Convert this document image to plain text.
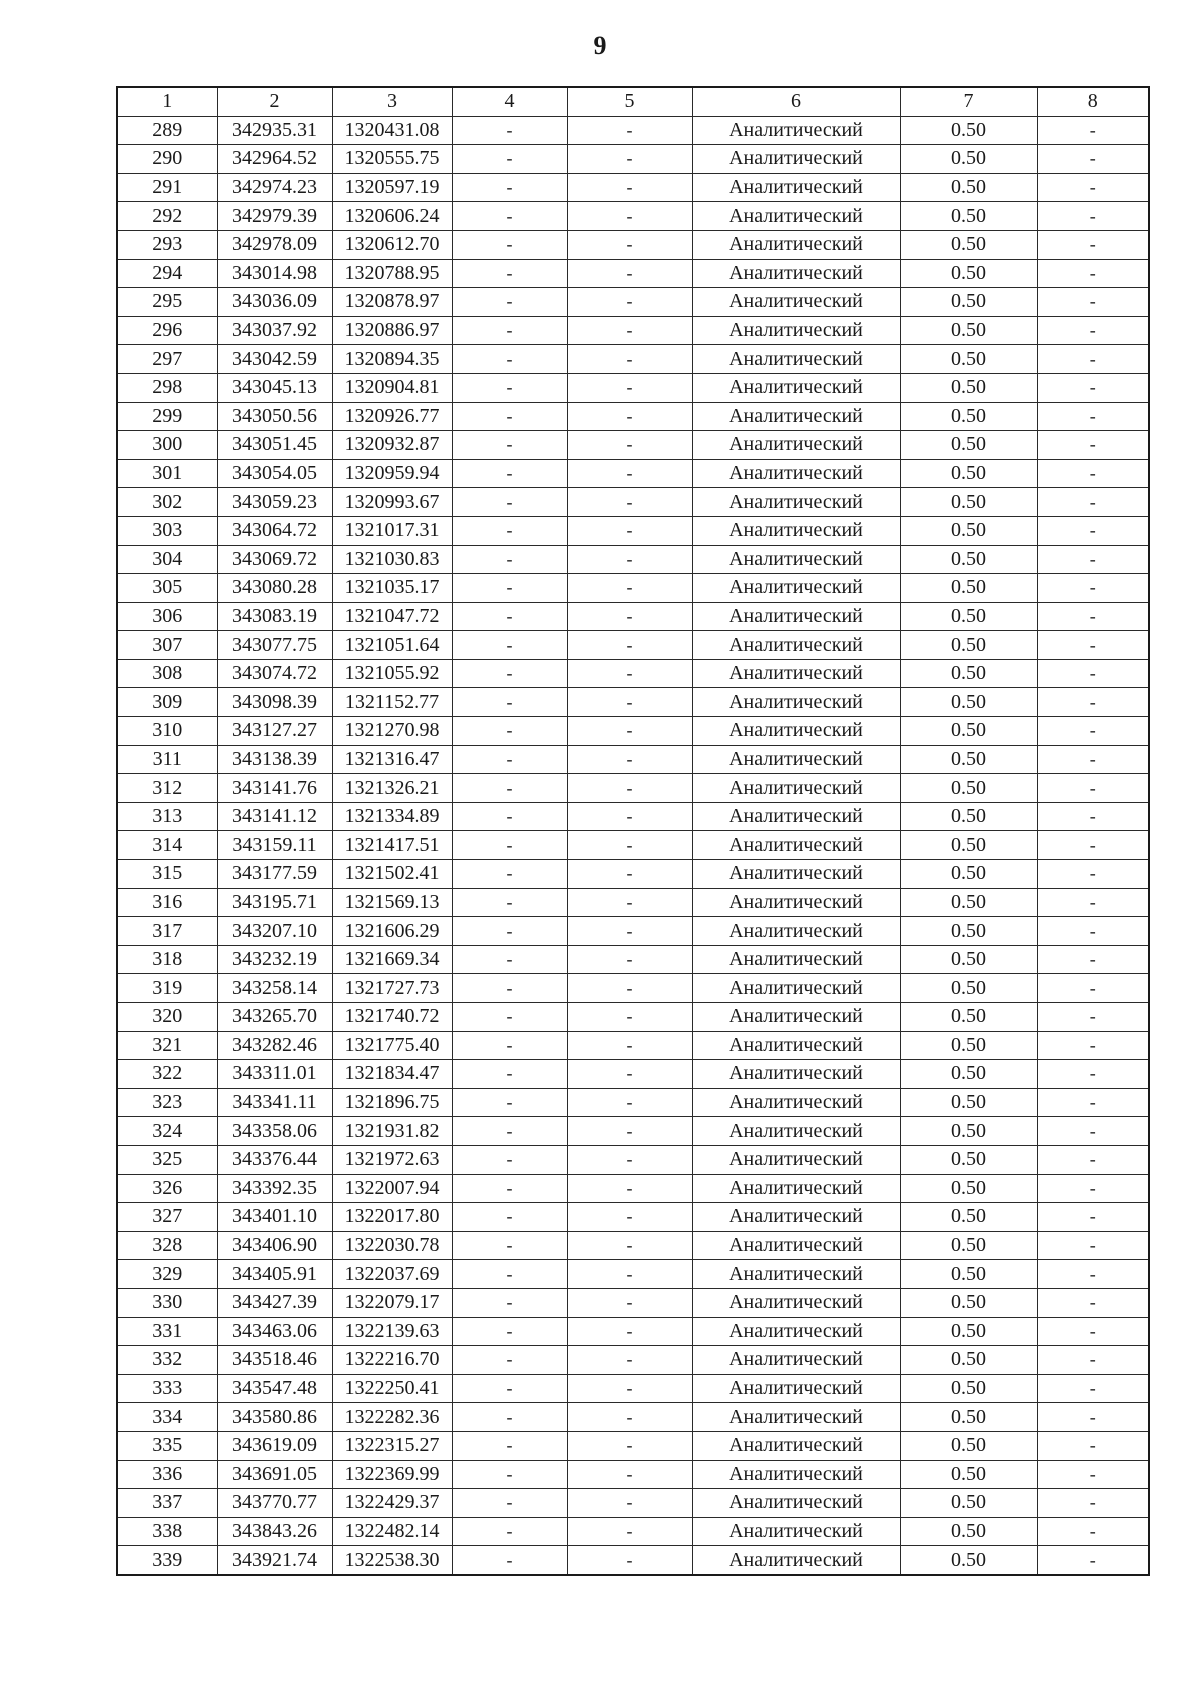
9
1	2	3	4	5	6	7	8
289	342935.31	1320431.08	-	-	Аналитический	0.50	-
290	342964.52	1320555.75	-	-	Аналитический	0.50	-
291	342974.23	1320597.19	-	-	Аналитический	0.50	-
292	342979.39	1320606.24	-	-	Аналитический	0.50	-
293	342978.09	1320612.70	-	-	Аналитический	0.50	-
294	343014.98	1320788.95	-	-	Аналитический	0.50	-
295	343036.09	1320878.97	-	-	Аналитический	0.50	-
296	343037.92	1320886.97	-	-	Аналитический	0.50	-
297	343042.59	1320894.35	-	-	Аналитический	0.50	-
298	343045.13	1320904.81	-	-	Аналитический	0.50	-
299	343050.56	1320926.77	-	-	Аналитический	0.50	-
300	343051.45	1320932.87	-	-	Аналитический	0.50	-
301	343054.05	1320959.94	-	-	Аналитический	0.50	-
302	343059.23	1320993.67	-	-	Аналитический	0.50	-
303	343064.72	1321017.31	-	-	Аналитический	0.50	-
304	343069.72	1321030.83	-	-	Аналитический	0.50	-
305	343080.28	1321035.17	-	-	Аналитический	0.50	-
306	343083.19	1321047.72	-	-	Аналитический	0.50	-
307	343077.75	1321051.64	-	-	Аналитический	0.50	-
308	343074.72	1321055.92	-	-	Аналитический	0.50	-
309	343098.39	1321152.77	-	-	Аналитический	0.50	-
310	343127.27	1321270.98	-	-	Аналитический	0.50	-
311	343138.39	1321316.47	-	-	Аналитический	0.50	-
312	343141.76	1321326.21	-	-	Аналитический	0.50	-
313	343141.12	1321334.89	-	-	Аналитический	0.50	-
314	343159.11	1321417.51	-	-	Аналитический	0.50	-
315	343177.59	1321502.41	-	-	Аналитический	0.50	-
316	343195.71	1321569.13	-	-	Аналитический	0.50	-
317	343207.10	1321606.29	-	-	Аналитический	0.50	-
318	343232.19	1321669.34	-	-	Аналитический	0.50	-
319	343258.14	1321727.73	-	-	Аналитический	0.50	-
320	343265.70	1321740.72	-	-	Аналитический	0.50	-
321	343282.46	1321775.40	-	-	Аналитический	0.50	-
322	343311.01	1321834.47	-	-	Аналитический	0.50	-
323	343341.11	1321896.75	-	-	Аналитический	0.50	-
324	343358.06	1321931.82	-	-	Аналитический	0.50	-
325	343376.44	1321972.63	-	-	Аналитический	0.50	-
326	343392.35	1322007.94	-	-	Аналитический	0.50	-
327	343401.10	1322017.80	-	-	Аналитический	0.50	-
328	343406.90	1322030.78	-	-	Аналитический	0.50	-
329	343405.91	1322037.69	-	-	Аналитический	0.50	-
330	343427.39	1322079.17	-	-	Аналитический	0.50	-
331	343463.06	1322139.63	-	-	Аналитический	0.50	-
332	343518.46	1322216.70	-	-	Аналитический	0.50	-
333	343547.48	1322250.41	-	-	Аналитический	0.50	-
334	343580.86	1322282.36	-	-	Аналитический	0.50	-
335	343619.09	1322315.27	-	-	Аналитический	0.50	-
336	343691.05	1322369.99	-	-	Аналитический	0.50	-
337	343770.77	1322429.37	-	-	Аналитический	0.50	-
338	343843.26	1322482.14	-	-	Аналитический	0.50	-
339	343921.74	1322538.30	-	-	Аналитический	0.50	-
